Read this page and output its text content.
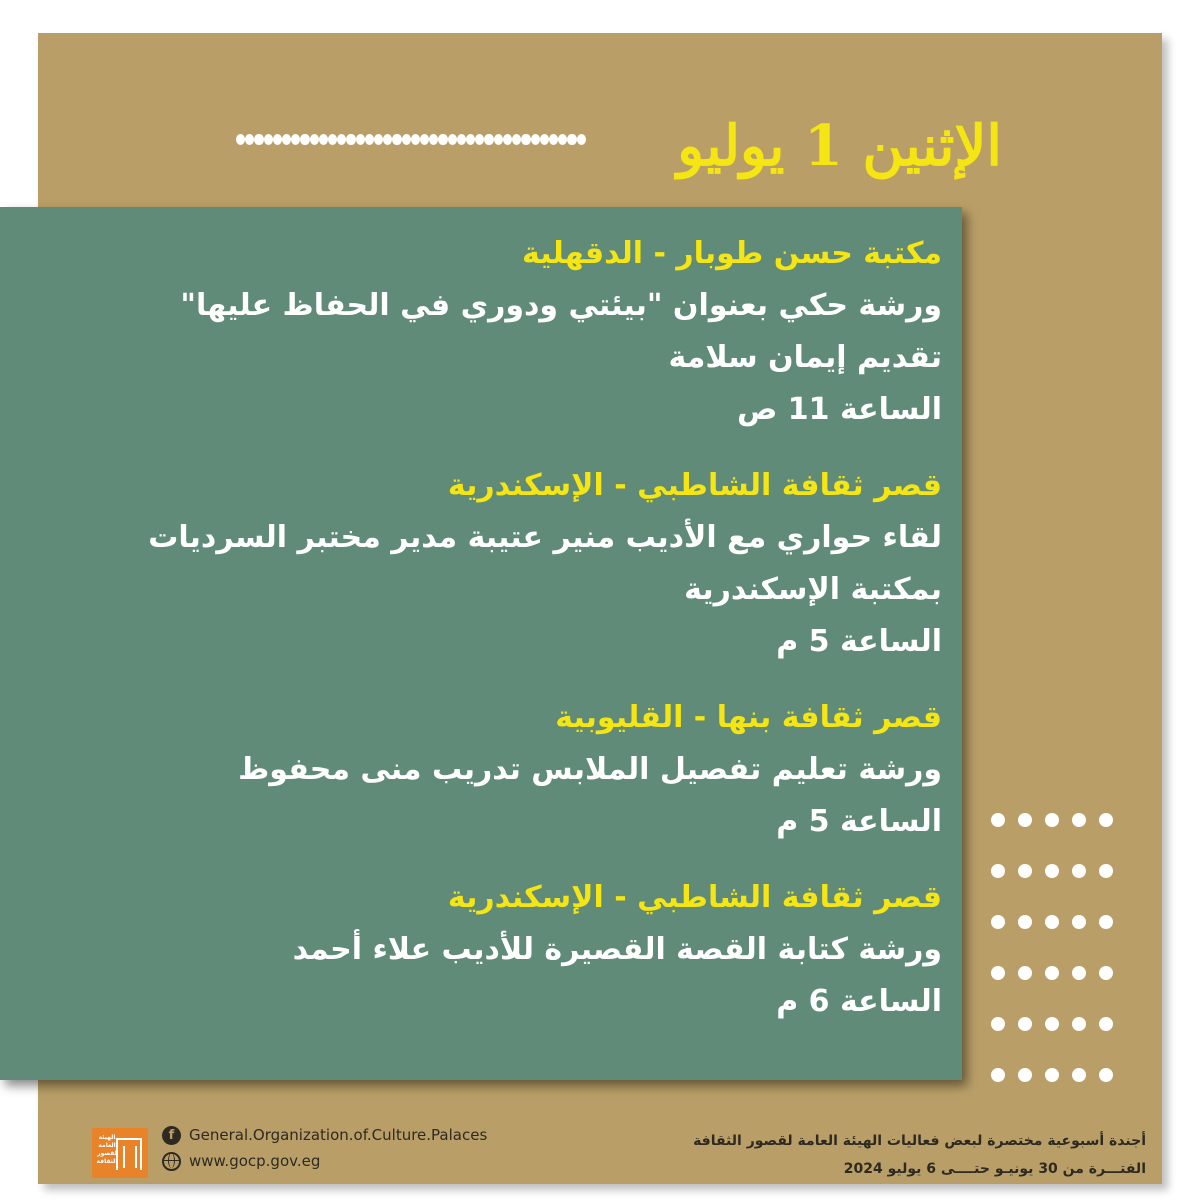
الإثنين 1 يوليو
مكتبة حسن طوبار - الدقهلية
ورشة حكي بعنوان "بيئتي ودوري في الحفاظ عليها"
تقديم إيمان سلامة
الساعة 11 ص
قصر ثقافة الشاطبي - الإسكندرية
لقاء حواري مع الأديب منير عتيبة مدير مختبر السرديات
بمكتبة الإسكندرية
الساعة 5 م
قصر ثقافة بنها - القليوبية
ورشة تعليم تفصيل الملابس تدريب منى محفوظ
الساعة 5 م
قصر ثقافة الشاطبي - الإسكندرية
ورشة كتابة القصة القصيرة للأديب علاء أحمد
الساعة 6 م
الهيئة العامة لقصور الثقافة
f General.Organization.of.Culture.Palaces
www.gocp.gov.eg
أجندة أسبوعية مختصرة لبعض فعاليات الهيئة العامة لقصور الثقافة
الفتـــرة من 30 يونيـو حتــــى 6 يوليو 2024
